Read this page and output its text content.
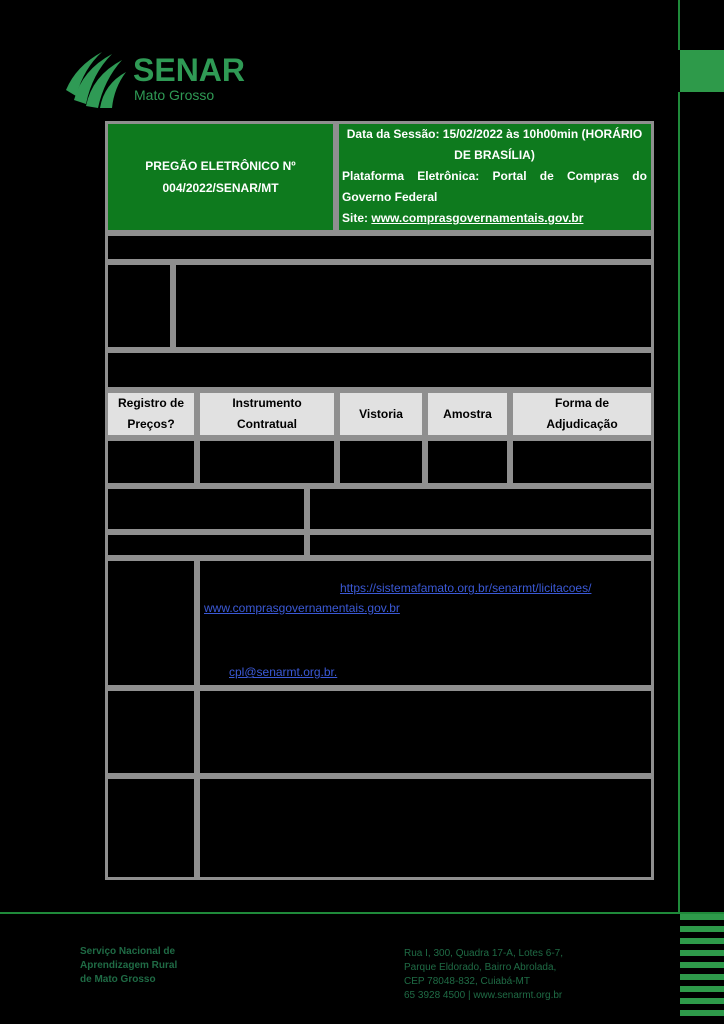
SENAR
Mato Grosso
PREGÃO ELETRÔNICO Nº
004/2022/SENAR/MT
Data da Sessão: 15/02/2022 às 10h00min (HORÁRIO
DE BRASÍLIA)
Plataforma Eletrônica: Portal de Compras do
Governo Federal
Site: www.comprasgovernamentais.gov.br
Registro de
Preços?
Instrumento
Contratual
Vistoria	Amostra
Forma de
Adjudicação
https://sistemafamato.org.br/senarmt/licitacoes/
www.comprasgovernamentais.gov.br
cpl@senarmt.org.br.
Serviço Nacional de
Aprendizagem Rural
de Mato Grosso
Rua I, 300, Quadra 17-A, Lotes 6-7,
Parque Eldorado, Bairro Abrolada,
CEP 78048-832, Cuiabá-MT
65 3928 4500 | www.senarmt.org.br
